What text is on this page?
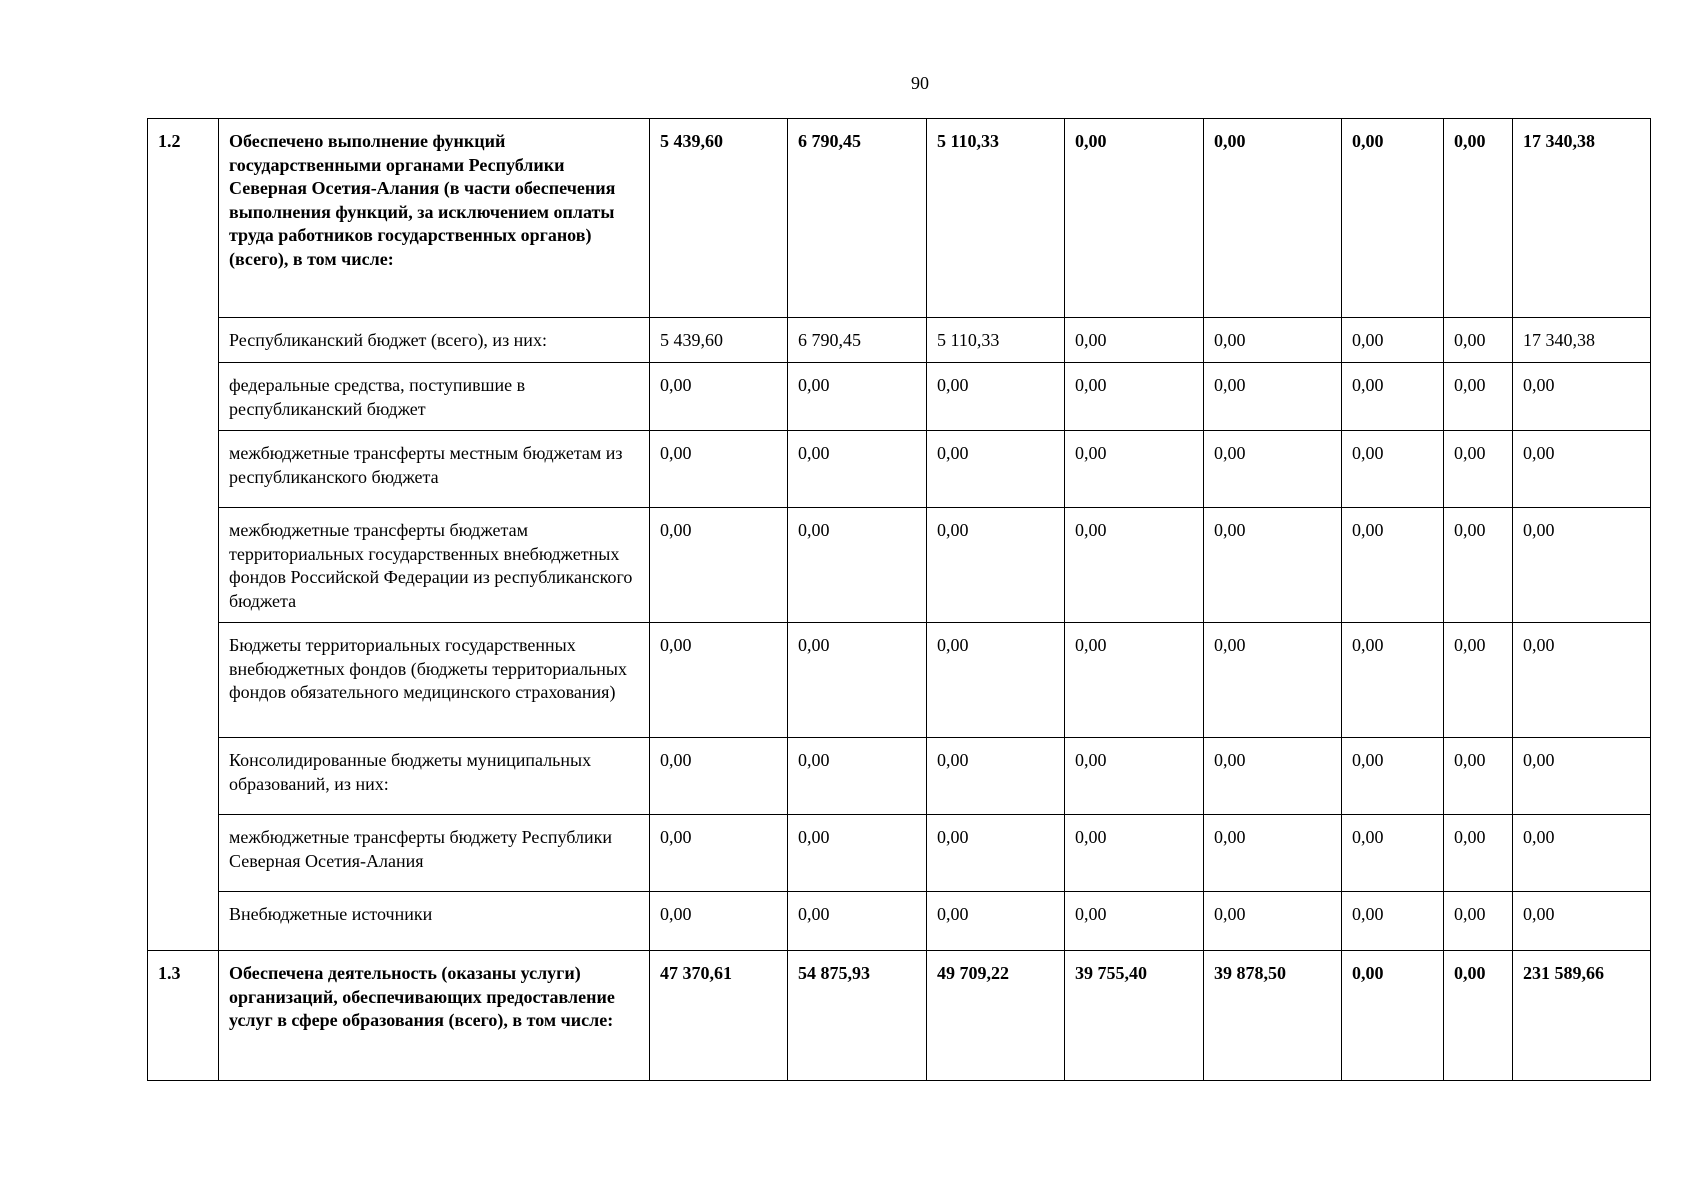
90
1.2	Обеспечено выполнение функций государственными органами Республики Северная Осетия-Алания (в части обеспечения выполнения функций, за исключением оплаты труда работников государственных органов) (всего), в том числе:	5 439,60	6 790,45	5 110,33	0,00	0,00	0,00	0,00	17 340,38
	Республиканский бюджет (всего), из них:	5 439,60	6 790,45	5 110,33	0,00	0,00	0,00	0,00	17 340,38
	федеральные средства, поступившие в республиканский бюджет	0,00	0,00	0,00	0,00	0,00	0,00	0,00	0,00
	межбюджетные трансферты местным бюджетам из республиканского бюджета	0,00	0,00	0,00	0,00	0,00	0,00	0,00	0,00
	межбюджетные трансферты бюджетам территориальных государственных внебюджетных фондов Российской Федерации из республиканского бюджета	0,00	0,00	0,00	0,00	0,00	0,00	0,00	0,00
	Бюджеты территориальных государственных внебюджетных фондов (бюджеты территориальных фондов обязательного медицинского страхования)	0,00	0,00	0,00	0,00	0,00	0,00	0,00	0,00
	Консолидированные бюджеты муниципальных образований, из них:	0,00	0,00	0,00	0,00	0,00	0,00	0,00	0,00
	межбюджетные трансферты бюджету Республики Северная Осетия-Алания	0,00	0,00	0,00	0,00	0,00	0,00	0,00	0,00
	Внебюджетные источники	0,00	0,00	0,00	0,00	0,00	0,00	0,00	0,00
1.3	Обеспечена деятельность (оказаны услуги) организаций, обеспечивающих предоставление услуг в сфере образования (всего), в том числе:	47 370,61	54 875,93	49 709,22	39 755,40	39 878,50	0,00	0,00	231 589,66
